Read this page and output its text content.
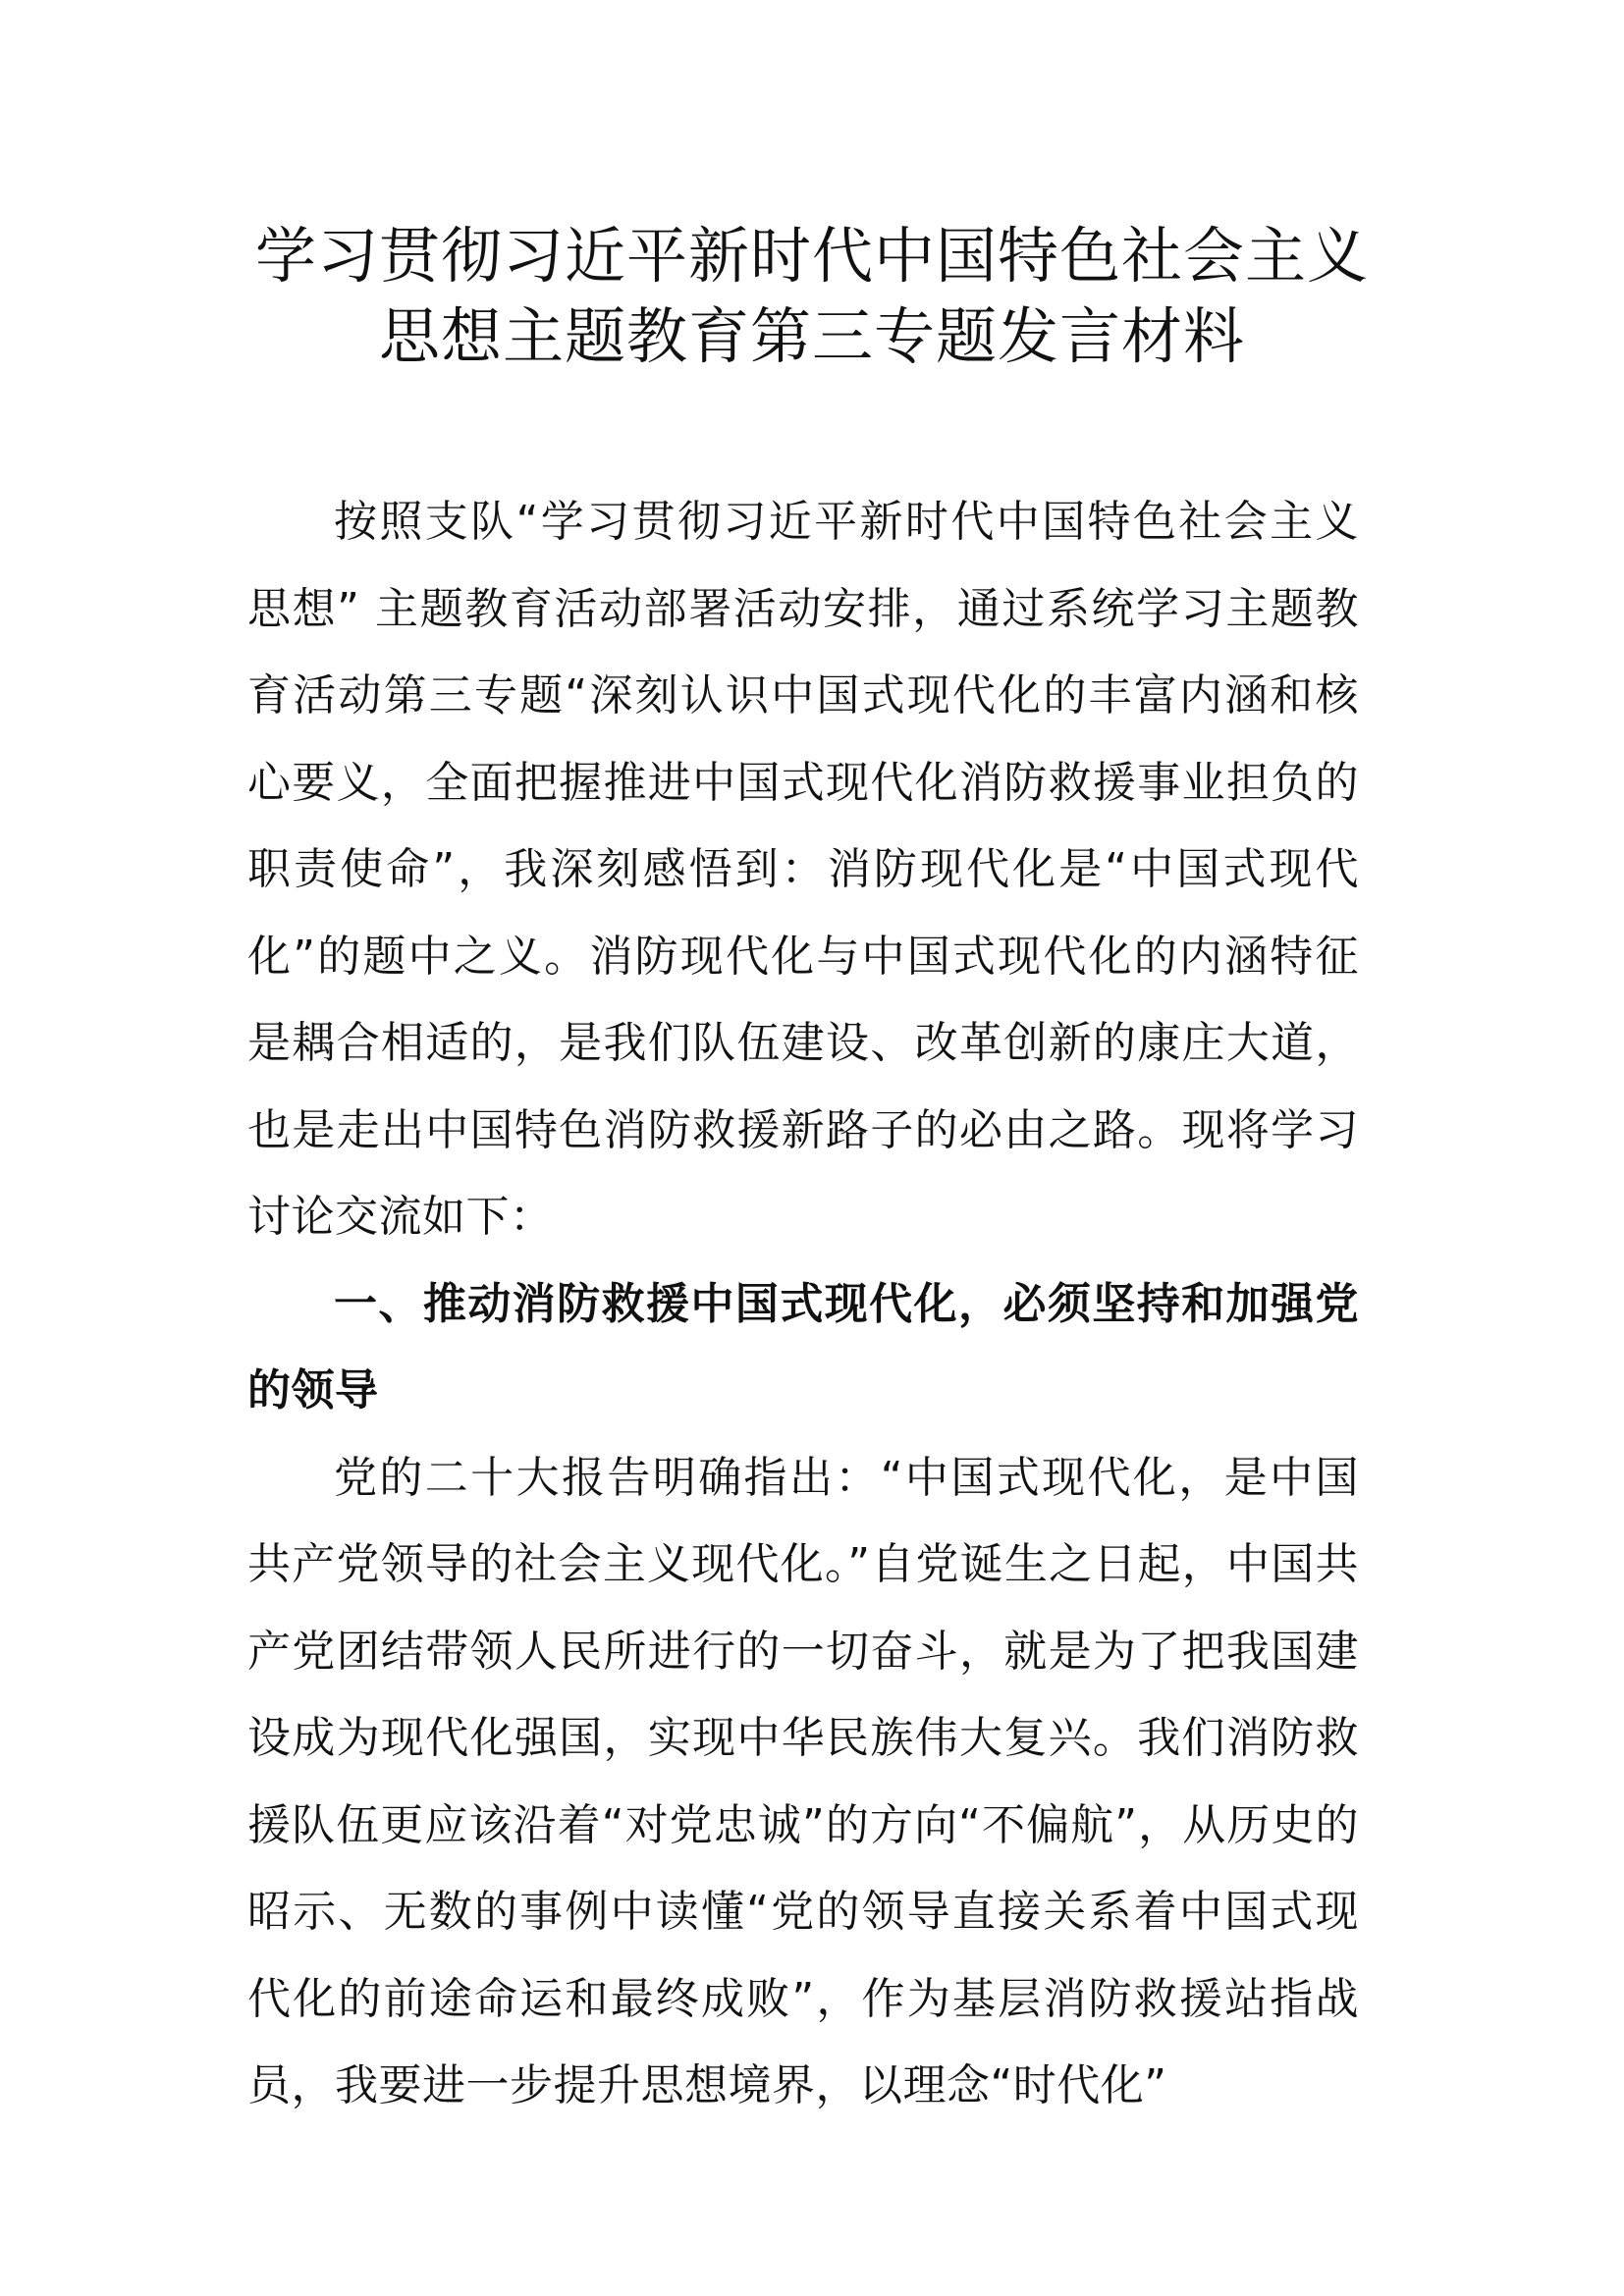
学习贯彻习近平新时代中国特色社会主义
思想主题教育第三专题发言材料

按照支队“学习贯彻习近平新时代中国特色社会主义思想” 主题教育活动部署活动安排，通过系统学习主题教育活动第三专题“深刻认识中国式现代化的丰富内涵和核心要义，全面把握推进中国式现代化消防救援事业担负的职责使命”，我深刻感悟到：消防现代化是“中国式现代化”的题中之义。消防现代化与中国式现代化的内涵特征是耦合相适的，是我们队伍建设、改革创新的康庄大道，也是走出中国特色消防救援新路子的必由之路。现将学习讨论交流如下：

一、推动消防救援中国式现代化，必须坚持和加强党的领导

党的二十大报告明确指出：“中国式现代化，是中国共产党领导的社会主义现代化。”自党诞生之日起，中国共产党团结带领人民所进行的一切奋斗，就是为了把我国建设成为现代化强国，实现中华民族伟大复兴。我们消防救援队伍更应该沿着“对党忠诚”的方向“不偏航”，从历史的昭示、无数的事例中读懂“党的领导直接关系着中国式现代化的前途命运和最终成败”，作为基层消防救援站指战员，我要进一步提升思想境界，以理念“时代化”
